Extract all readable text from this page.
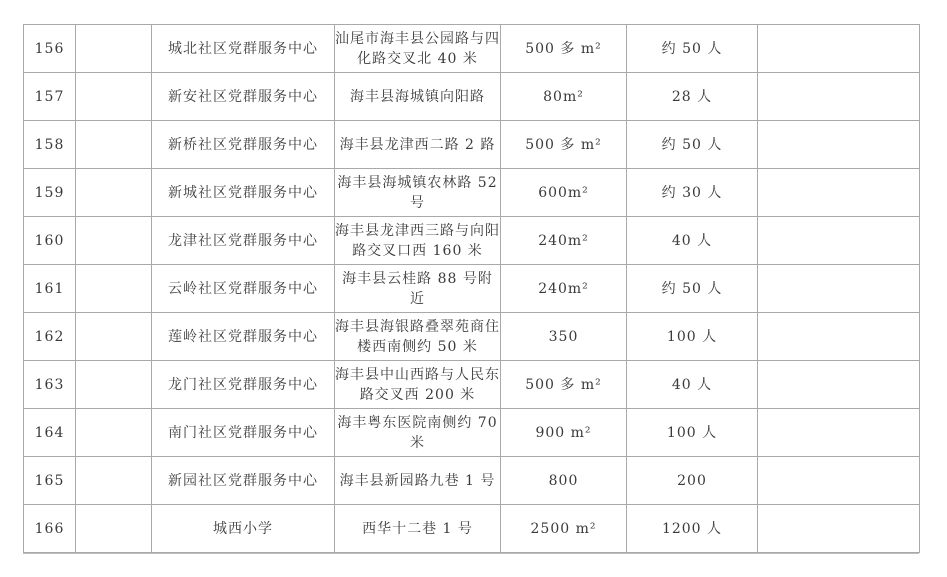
156		城北社区党群服务中心	汕尾市海丰县公园路与四化路交叉北 40 米	500 多 m²	约 50 人	
157		新安社区党群服务中心	海丰县海城镇向阳路	80m²	28 人	
158		新桥社区党群服务中心	海丰县龙津西二路 2 路	500 多 m²	约 50 人	
159		新城社区党群服务中心	海丰县海城镇农林路 52 号	600m²	约 30 人	
160		龙津社区党群服务中心	海丰县龙津西三路与向阳路交叉口西 160 米	240m²	40 人	
161		云岭社区党群服务中心	海丰县云桂路 88 号附近	240m²	约 50 人	
162		莲岭社区党群服务中心	海丰县海银路叠翠苑商住楼西南侧约 50 米	350	100 人	
163		龙门社区党群服务中心	海丰县中山西路与人民东路交叉西 200 米	500 多 m²	40 人	
164		南门社区党群服务中心	海丰粤东医院南侧约 70 米	900 m²	100 人	
165		新园社区党群服务中心	海丰县新园路九巷 1 号	800	200	
166		城西小学	西华十二巷 1 号	2500 m²	1200 人	
